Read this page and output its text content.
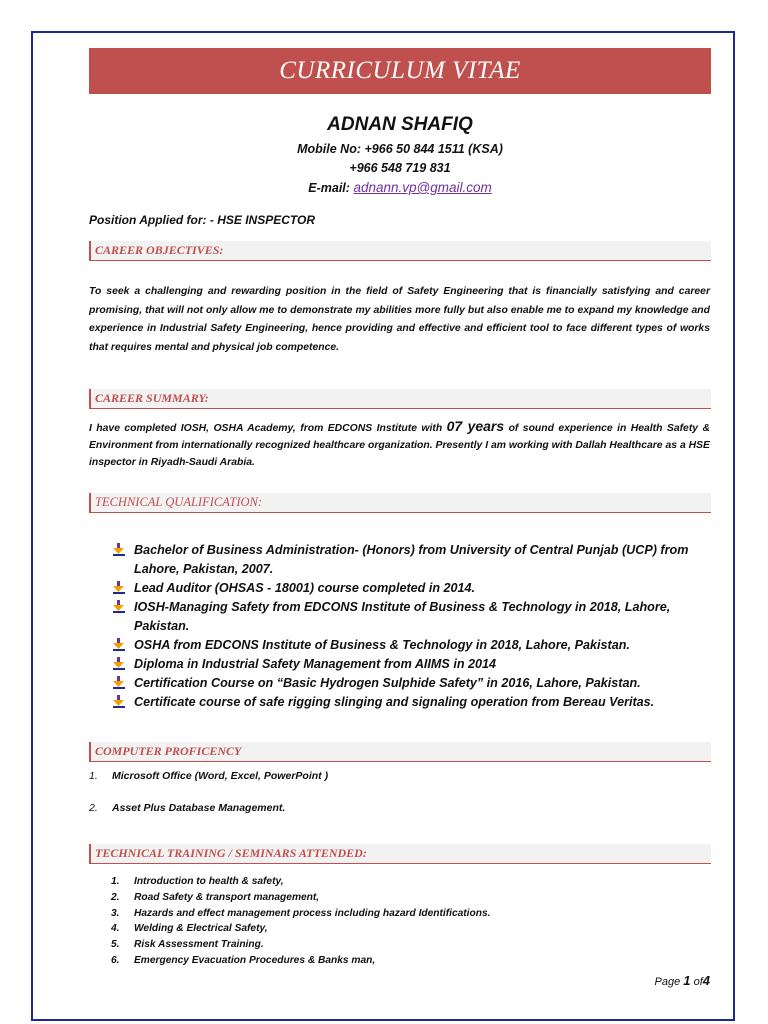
CURRICULUM VITAE
ADNAN SHAFIQ
Mobile No: +966 50 844 1511 (KSA)
+966 548 719 831
E-mail: adnann.vp@gmail.com
Position Applied for: - HSE INSPECTOR
CAREER OBJECTIVES:
To seek a challenging and rewarding position in the field of Safety Engineering that is financially satisfying and career promising, that will not only allow me to demonstrate my abilities more fully but also enable me to expand my knowledge and experience in Industrial Safety Engineering, hence providing and effective and efficient tool to face different types of works that requires mental and physical job competence.
CAREER SUMMARY:
I have completed IOSH, OSHA Academy, from EDCONS Institute with 07 years of sound experience in Health Safety & Environment from internationally recognized healthcare organization. Presently I am working with Dallah Healthcare as a HSE inspector in Riyadh-Saudi Arabia.
TECHNICAL QUALIFICATION:
Bachelor of Business Administration- (Honors) from University of Central Punjab (UCP) from Lahore, Pakistan, 2007.
Lead Auditor (OHSAS - 18001) course completed in 2014.
IOSH-Managing Safety from EDCONS Institute of Business & Technology in 2018, Lahore, Pakistan.
OSHA from EDCONS Institute of Business & Technology in 2018, Lahore, Pakistan.
Diploma in Industrial Safety Management from AIIMS in 2014
Certification Course on “Basic Hydrogen Sulphide Safety” in 2016, Lahore, Pakistan.
Certificate course of safe rigging slinging and signaling operation from Bereau Veritas.
COMPUTER PROFICENCY
1. Microsoft Office (Word, Excel, PowerPoint )
2. Asset Plus Database Management.
TECHNICAL TRAINING / SEMINARS ATTENDED:
1. Introduction to health & safety,
2. Road Safety & transport management,
3. Hazards and effect management process including hazard Identifications.
4. Welding & Electrical Safety,
5. Risk Assessment Training.
6. Emergency Evacuation Procedures & Banks man,
Page 1 of4
